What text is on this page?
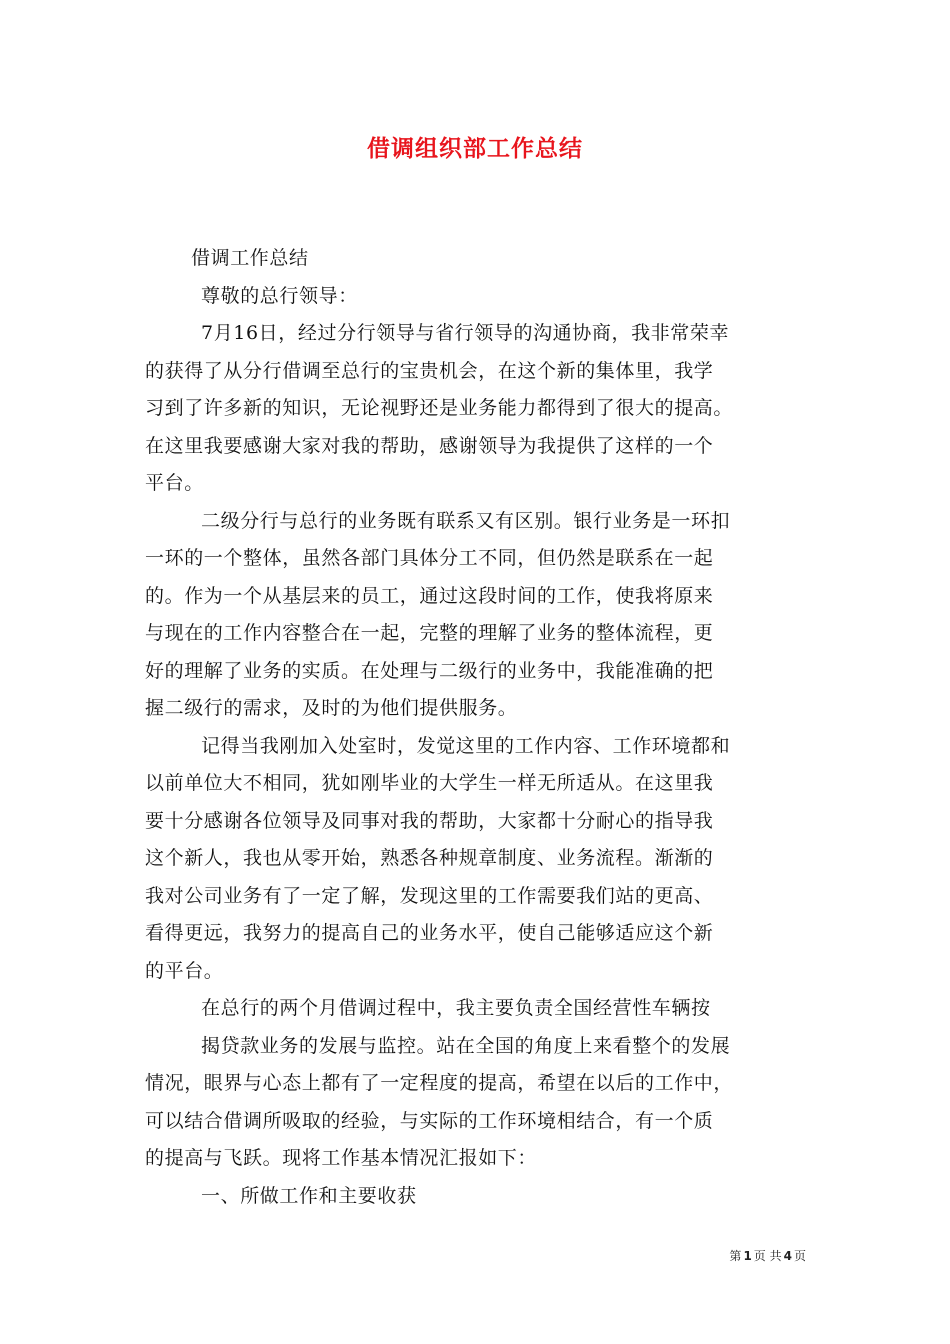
借调组织部工作总结
借调工作总结
尊敬的总行领导：
7月16日，经过分行领导与省行领导的沟通协商，我非常荣幸
的获得了从分行借调至总行的宝贵机会，在这个新的集体里，我学
习到了许多新的知识，无论视野还是业务能力都得到了很大的提高。
在这里我要感谢大家对我的帮助，感谢领导为我提供了这样的一个
平台。
二级分行与总行的业务既有联系又有区别。银行业务是一环扣
一环的一个整体，虽然各部门具体分工不同，但仍然是联系在一起
的。作为一个从基层来的员工，通过这段时间的工作，使我将原来
与现在的工作内容整合在一起，完整的理解了业务的整体流程，更
好的理解了业务的实质。在处理与二级行的业务中，我能准确的把
握二级行的需求，及时的为他们提供服务。
记得当我刚加入处室时，发觉这里的工作内容、工作环境都和
以前单位大不相同，犹如刚毕业的大学生一样无所适从。在这里我
要十分感谢各位领导及同事对我的帮助，大家都十分耐心的指导我
这个新人，我也从零开始，熟悉各种规章制度、业务流程。渐渐的
我对公司业务有了一定了解，发现这里的工作需要我们站的更高、
看得更远，我努力的提高自己的业务水平，使自己能够适应这个新
的平台。
在总行的两个月借调过程中，我主要负责全国经营性车辆按
揭贷款业务的发展与监控。站在全国的角度上来看整个的发展
情况，眼界与心态上都有了一定程度的提高，希望在以后的工作中，
可以结合借调所吸取的经验，与实际的工作环境相结合，有一个质
的提高与飞跃。现将工作基本情况汇报如下：
一、所做工作和主要收获
第 1 页 共 4 页
